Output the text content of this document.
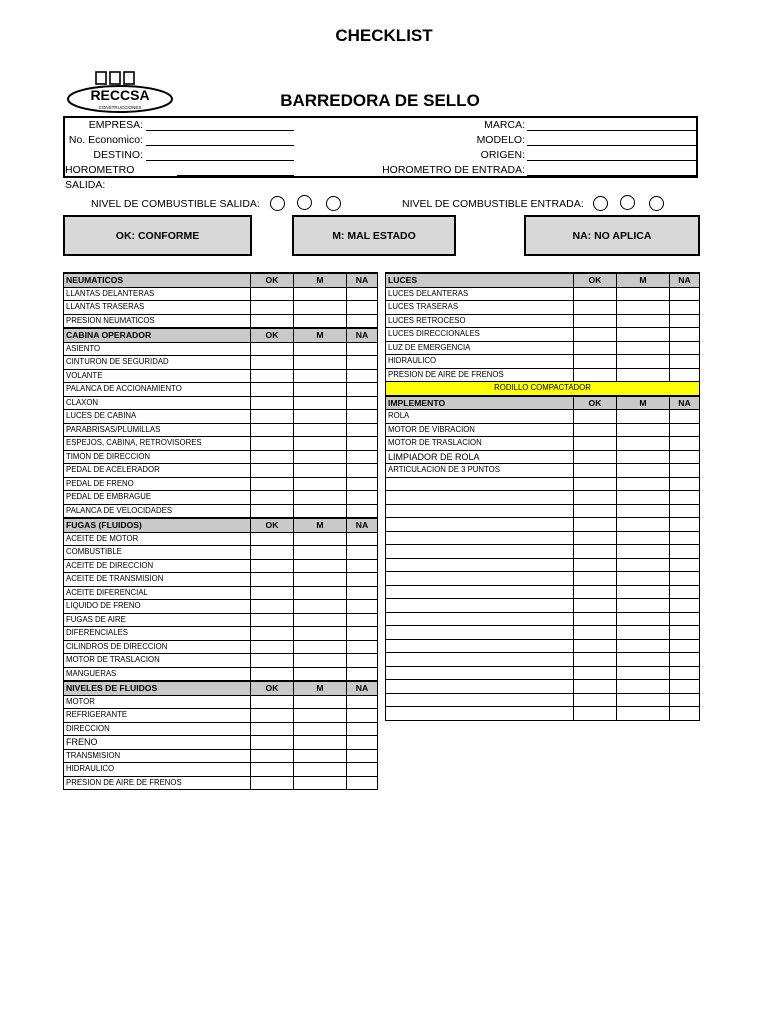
CHECKLIST
RECCSA
CONSTRUCCIONES	BARREDORA DE SELLO
EMPRESA:
No. Economico:
DESTINO:
HOROMETRO SALIDA:
MARCA:
MODELO:
ORIGEN:
HOROMETRO DE ENTRADA:
NIVEL DE COMBUSTIBLE SALIDA:	NIVEL DE COMBUSTIBLE ENTRADA:
OK: CONFORME	M: MAL ESTADO	NA: NO APLICA
NEUMATICOS	OK	M	NA
LLANTAS DELANTERAS			
LLANTAS TRASERAS			
PRESION NEUMATICOS			
CABINA OPERADOR	OK	M	NA
ASIENTO			
CINTURON DE SEGURIDAD			
VOLANTE			
PALANCA DE ACCIONAMIENTO			
CLAXON			
LUCES DE CABINA			
PARABRISAS/PLUMILLAS			
ESPEJOS, CABINA, RETROVISORES			
TIMON DE DIRECCION			
PEDAL DE ACELERADOR			
PEDAL DE FRENO			
PEDAL DE EMBRAGUE			
PALANCA DE VELOCIDADES			
FUGAS (FLUIDOS)	OK	M	NA
ACEITE DE MOTOR			
COMBUSTIBLE			
ACEITE DE DIRECCION			
ACEITE DE TRANSMISION			
ACEITE DIFERENCIAL			
LIQUIDO DE FRENO			
FUGAS DE AIRE			
DIFERENCIALES			
CILINDROS DE DIRECCION			
MOTOR DE TRASLACION			
MANGUERAS			
NIVELES DE FLUIDOS	OK	M	NA
MOTOR			
REFRIGERANTE			
DIRECCION			
FRENO			
TRANSMISION			
HIDRAULICO			
PRESION DE AIRE DE FRENOS			
LUCES	OK	M	NA
LUCES DELANTERAS			
LUCES TRASERAS			
LUCES RETROCESO			
LUCES DIRECCIONALES			
LUZ DE EMERGENCIA			
HIDRAULICO			
PRESION DE AIRE DE FRENOS			
RODILLO COMPACTADOR			
IMPLEMENTO	OK	M	NA
ROLA			
MOTOR DE VIBRACION			
MOTOR DE TRASLACION			
LIMPIADOR DE ROLA			
ARTICULACION DE 3 PUNTOS			
